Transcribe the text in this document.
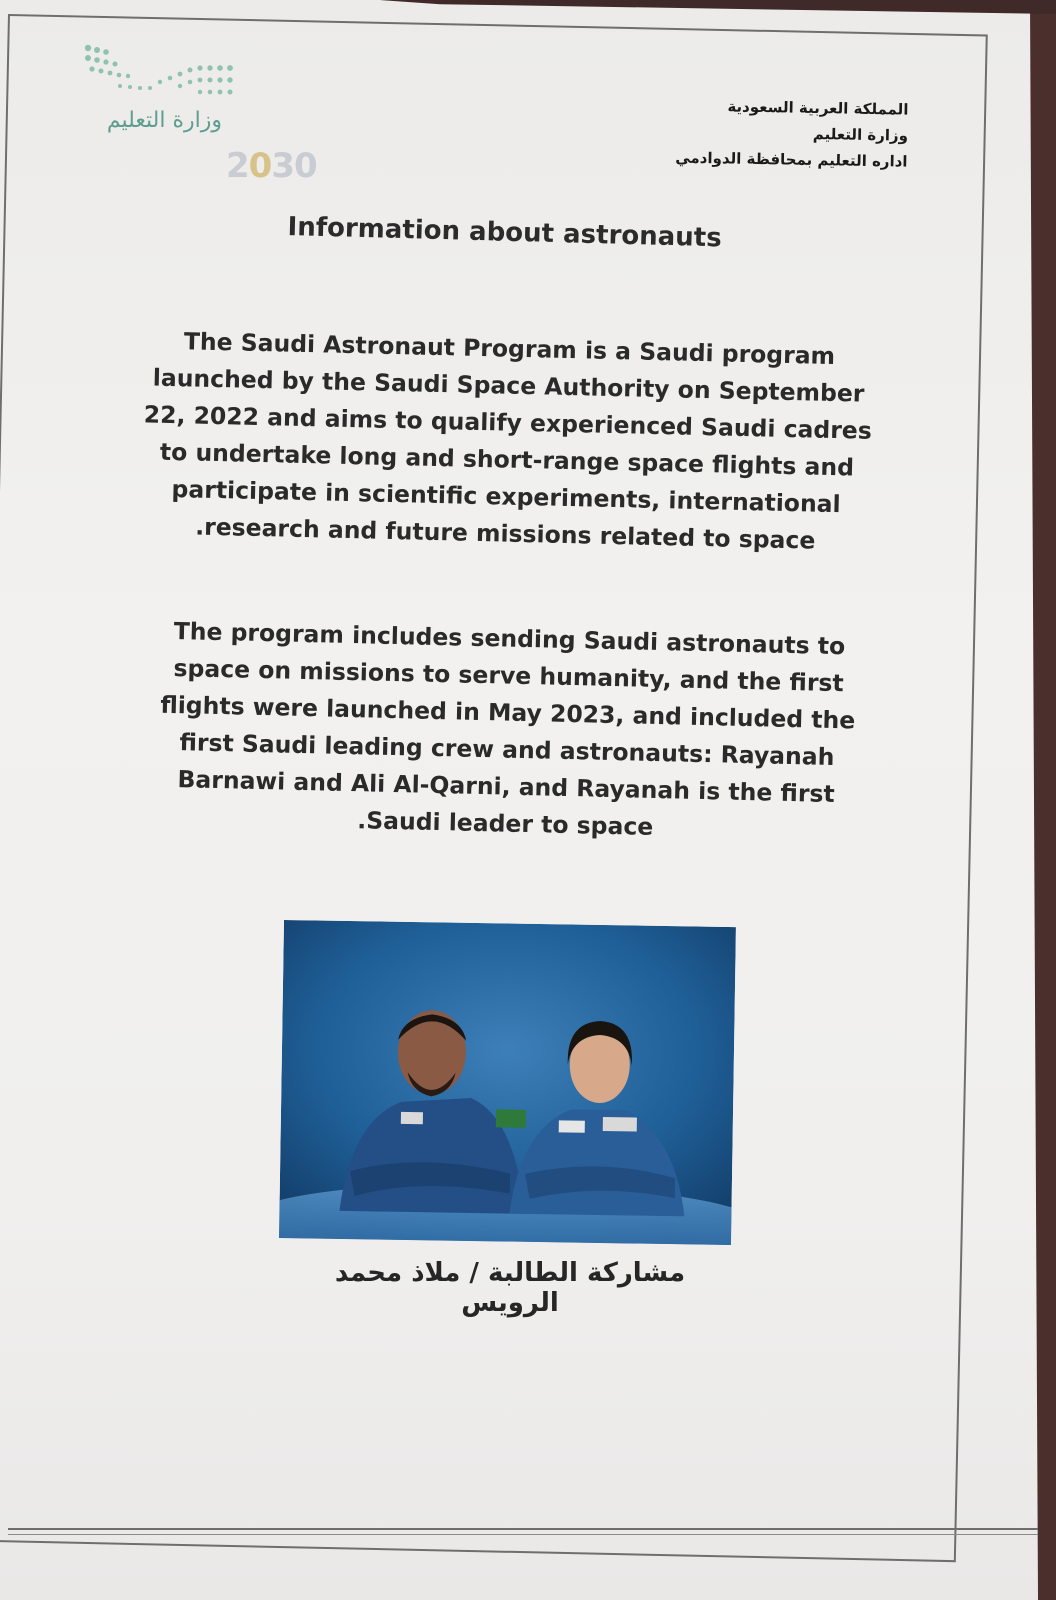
وزارة التعليم
2030
المملكة العربية السعودية
وزارة التعليم
اداره التعليم بمحافظة الدوادمي
Information about astronauts
The Saudi Astronaut Program is a Saudi program
launched by the Saudi Space Authority on September
22, 2022 and aims to qualify experienced Saudi cadres
to undertake long and short-range space flights and
participate in scientific experiments, international
.research and future missions related to space
The program includes sending Saudi astronauts to
space on missions to serve humanity, and the first
flights were launched in May 2023, and included the
first Saudi leading crew and astronauts: Rayanah
Barnawi and Ali Al-Qarni, and Rayanah is the first
.Saudi leader to space
مشاركة الطالبة / ملاذ محمد الرويس
